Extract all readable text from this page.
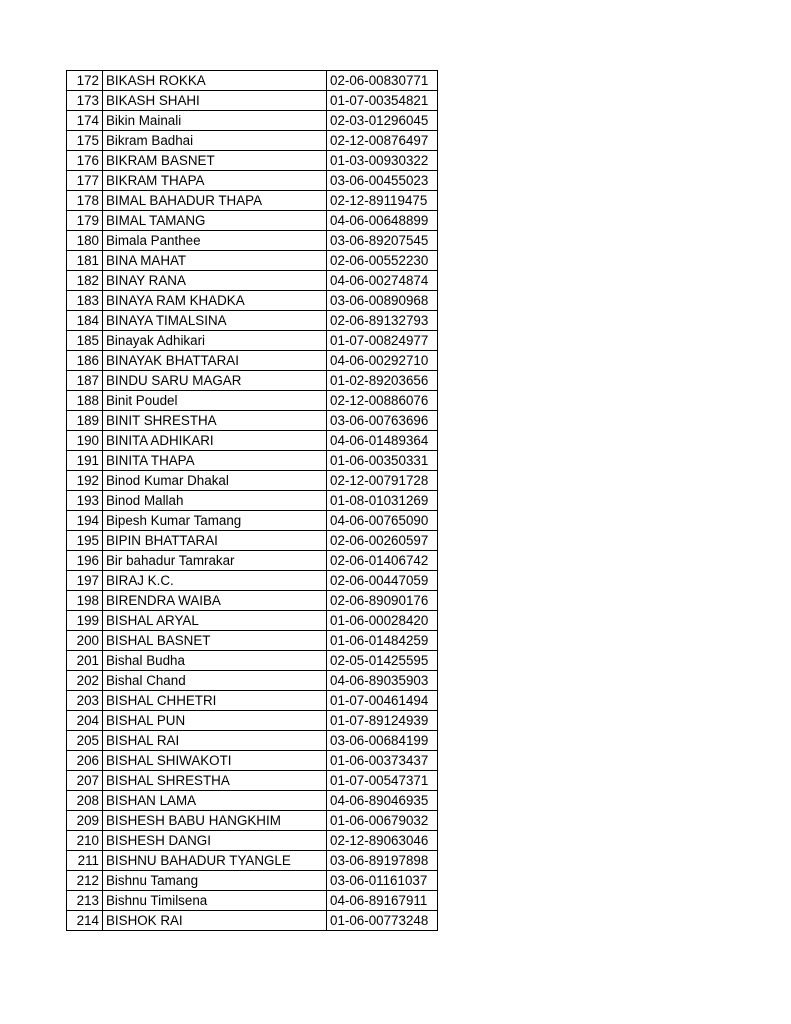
172	BIKASH ROKKA	02-06-00830771
173	BIKASH SHAHI	01-07-00354821
174	Bikin Mainali	02-03-01296045
175	Bikram Badhai	02-12-00876497
176	BIKRAM BASNET	01-03-00930322
177	BIKRAM THAPA	03-06-00455023
178	BIMAL BAHADUR THAPA	02-12-89119475
179	BIMAL TAMANG	04-06-00648899
180	Bimala Panthee	03-06-89207545
181	BINA MAHAT	02-06-00552230
182	BINAY RANA	04-06-00274874
183	BINAYA RAM KHADKA	03-06-00890968
184	BINAYA TIMALSINA	02-06-89132793
185	Binayak Adhikari	01-07-00824977
186	BINAYAK BHATTARAI	04-06-00292710
187	BINDU SARU MAGAR	01-02-89203656
188	Binit Poudel	02-12-00886076
189	BINIT SHRESTHA	03-06-00763696
190	BINITA ADHIKARI	04-06-01489364
191	BINITA THAPA	01-06-00350331
192	Binod Kumar Dhakal	02-12-00791728
193	Binod Mallah	01-08-01031269
194	Bipesh Kumar Tamang	04-06-00765090
195	BIPIN BHATTARAI	02-06-00260597
196	Bir bahadur Tamrakar	02-06-01406742
197	BIRAJ K.C.	02-06-00447059
198	BIRENDRA WAIBA	02-06-89090176
199	BISHAL ARYAL	01-06-00028420
200	BISHAL BASNET	01-06-01484259
201	Bishal Budha	02-05-01425595
202	Bishal Chand	04-06-89035903
203	BISHAL CHHETRI	01-07-00461494
204	BISHAL PUN	01-07-89124939
205	BISHAL RAI	03-06-00684199
206	BISHAL SHIWAKOTI	01-06-00373437
207	BISHAL SHRESTHA	01-07-00547371
208	BISHAN LAMA	04-06-89046935
209	BISHESH BABU HANGKHIM	01-06-00679032
210	BISHESH DANGI	02-12-89063046
211	BISHNU BAHADUR TYANGLE	03-06-89197898
212	Bishnu Tamang	03-06-01161037
213	Bishnu Timilsena	04-06-89167911
214	BISHOK RAI	01-06-00773248
